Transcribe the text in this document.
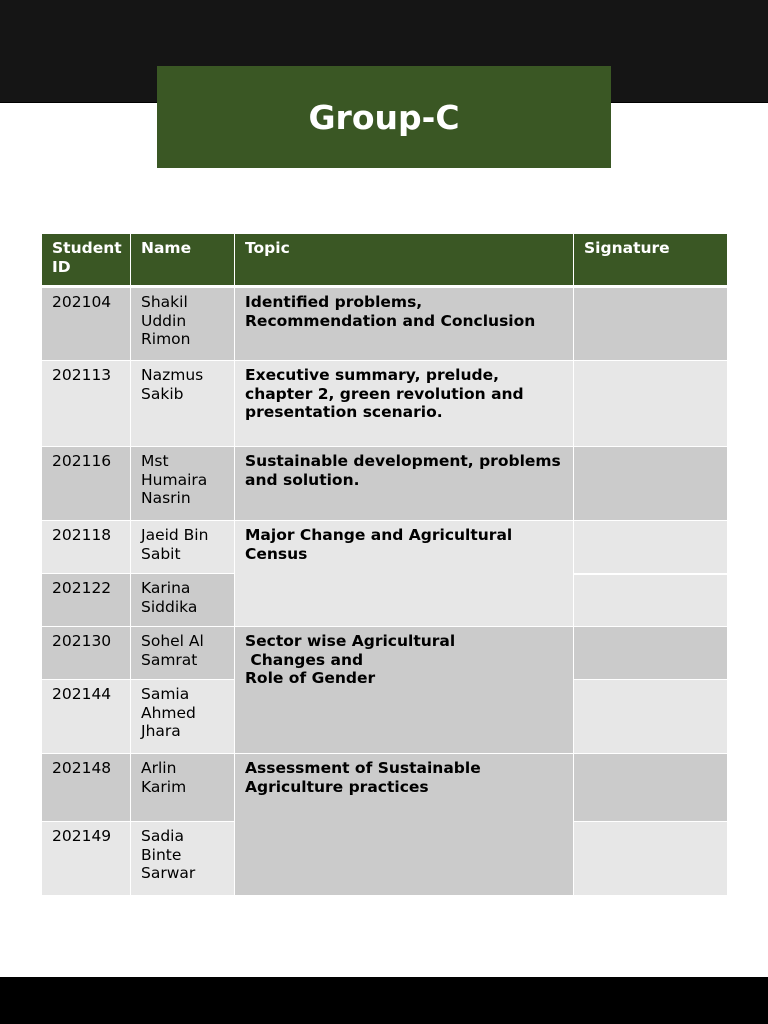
Group-C
Student ID	Name	Topic	Signature
202104	Shakil Uddin Rimon	Identified problems, Recommendation and Conclusion	
202113	Nazmus Sakib	Executive summary, prelude, chapter 2, green revolution and presentation scenario.	
202116	Mst Humaira Nasrin	Sustainable development, problems and solution.	
202118	Jaeid Bin Sabit	Major Change and Agricultural Census	
202122	Karina Siddika		
202130	Sohel Al Samrat	Sector wise Agricultural
Changes and
Role of Gender	
202144	Samia Ahmed Jhara		
202148	Arlin Karim	Assessment of Sustainable Agriculture practices	
202149	Sadia Binte Sarwar		
